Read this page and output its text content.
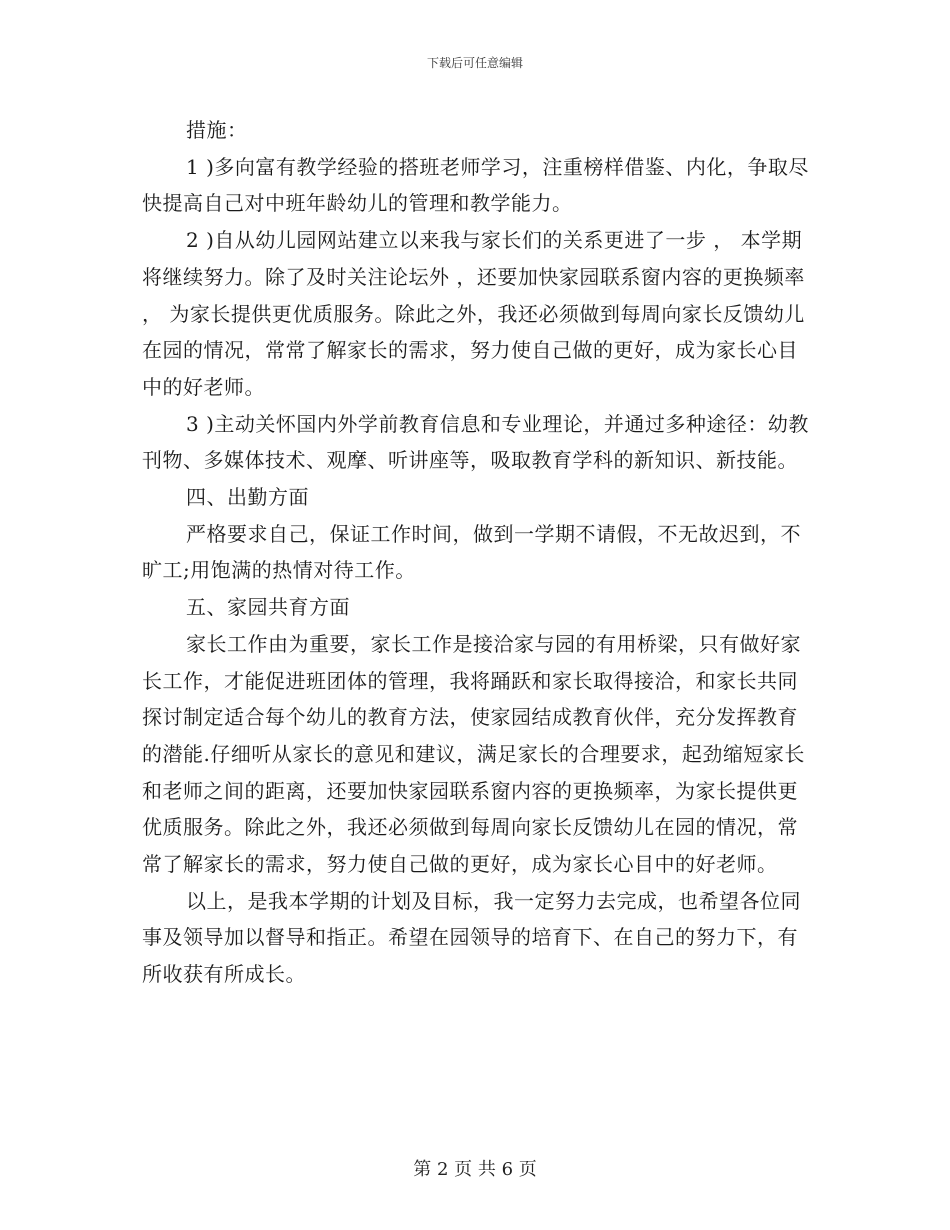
下载后可任意编辑

措施：

1 )多向富有教学经验的搭班老师学习，注重榜样借鉴、内化，争取尽快提高自己对中班年龄幼儿的管理和教学能力。

2 )自从幼儿园网站建立以来我与家长们的关系更进了一步 ， 本学期将继续努力。除了及时关注论坛外 ，还要加快家园联系窗内容的更换频率 ， 为家长提供更优质服务。除此之外，我还必须做到每周向家长反馈幼儿在园的情况，常常了解家长的需求，努力使自己做的更好，成为家长心目中的好老师。

3 )主动关怀国内外学前教育信息和专业理论，并通过多种途径：幼教刊物、多媒体技术、观摩、听讲座等，吸取教育学科的新知识、新技能。

四、出勤方面

严格要求自己，保证工作时间，做到一学期不请假，不无故迟到，不旷工;用饱满的热情对待工作。

五、家园共育方面

家长工作由为重要，家长工作是接洽家与园的有用桥梁，只有做好家长工作，才能促进班团体的管理，我将踊跃和家长取得接洽，和家长共同探讨制定适合每个幼儿的教育方法，使家园结成教育伙伴，充分发挥教育的潜能.仔细听从家长的意见和建议，满足家长的合理要求，起劲缩短家长和老师之间的距离，还要加快家园联系窗内容的更换频率，为家长提供更优质服务。除此之外，我还必须做到每周向家长反馈幼儿在园的情况，常常了解家长的需求，努力使自己做的更好，成为家长心目中的好老师。

以上，是我本学期的计划及目标，我一定努力去完成，也希望各位同事及领导加以督导和指正。希望在园领导的培育下、在自己的努力下，有所收获有所成长。

第 2 页 共 6 页
